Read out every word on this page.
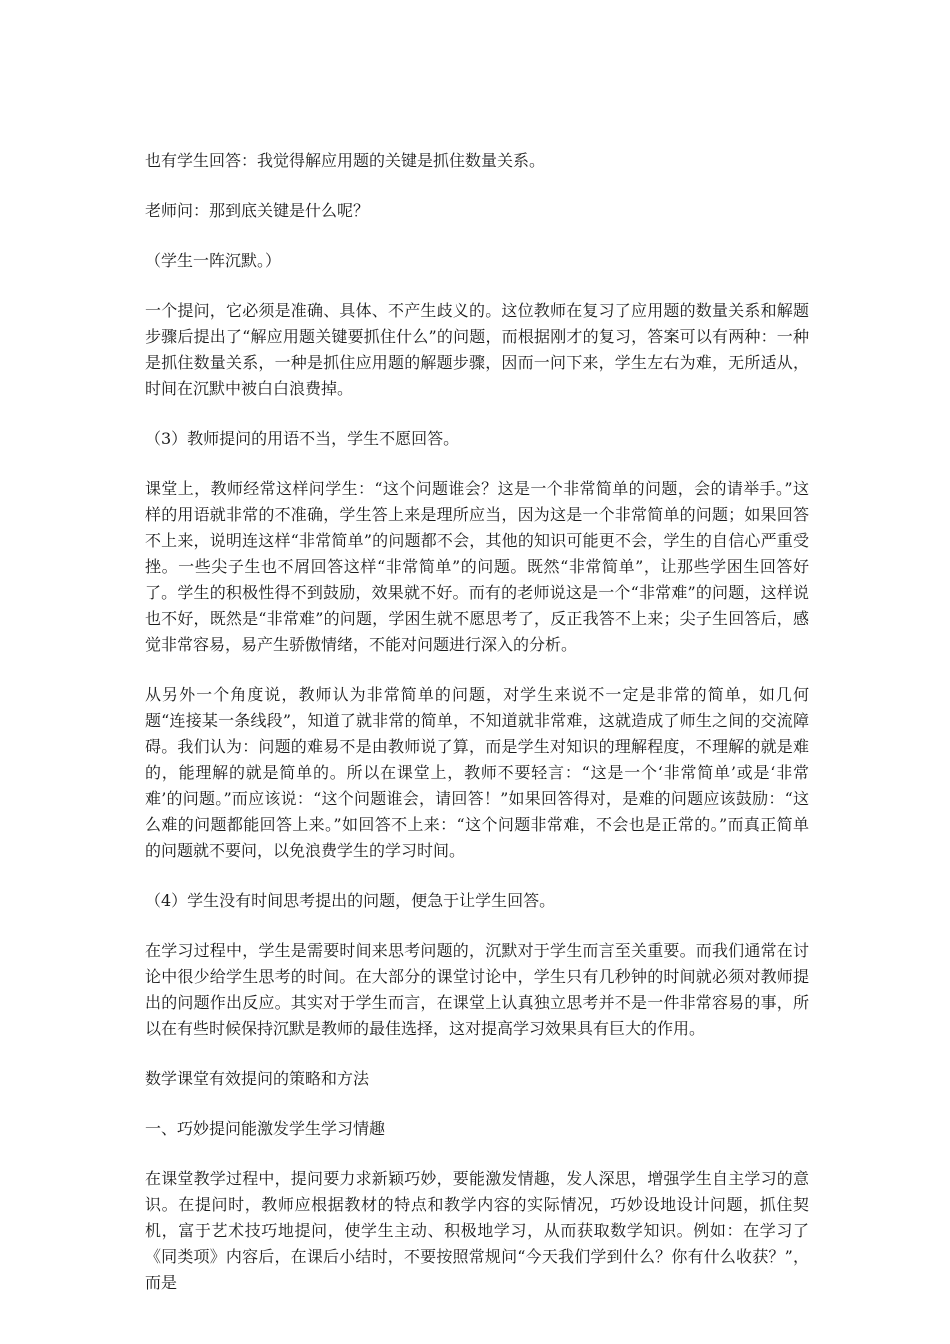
也有学生回答：我觉得解应用题的关键是抓住数量关系。

老师问：那到底关键是什么呢？

（学生一阵沉默。）

一个提问，它必须是准确、具体、不产生歧义的。这位教师在复习了应用题的数量关系和解题步骤后提出了“解应用题关键要抓住什么”的问题，而根据刚才的复习，答案可以有两种：一种是抓住数量关系，一种是抓住应用题的解题步骤，因而一问下来，学生左右为难，无所适从，时间在沉默中被白白浪费掉。

（3）教师提问的用语不当，学生不愿回答。

课堂上，教师经常这样问学生：“这个问题谁会？这是一个非常简单的问题，会的请举手。”这样的用语就非常的不准确，学生答上来是理所应当，因为这是一个非常简单的问题；如果回答不上来，说明连这样“非常简单”的问题都不会，其他的知识可能更不会，学生的自信心严重受挫。一些尖子生也不屑回答这样“非常简单”的问题。既然“非常简单”，让那些学困生回答好了。学生的积极性得不到鼓励，效果就不好。而有的老师说这是一个“非常难”的问题，这样说也不好，既然是“非常难”的问题，学困生就不愿思考了，反正我答不上来；尖子生回答后，感觉非常容易，易产生骄傲情绪，不能对问题进行深入的分析。

从另外一个角度说，教师认为非常简单的问题，对学生来说不一定是非常的简单，如几何题“连接某一条线段”，知道了就非常的简单，不知道就非常难，这就造成了师生之间的交流障碍。我们认为：问题的难易不是由教师说了算，而是学生对知识的理解程度，不理解的就是难的，能理解的就是简单的。所以在课堂上，教师不要轻言：“这是一个‘非常简单’或是‘非常难’的问题。”而应该说：“这个问题谁会，请回答！”如果回答得对，是难的问题应该鼓励：“这么难的问题都能回答上来。”如回答不上来：“这个问题非常难，不会也是正常的。”而真正简单的问题就不要问，以免浪费学生的学习时间。

（4）学生没有时间思考提出的问题，便急于让学生回答。

在学习过程中，学生是需要时间来思考问题的，沉默对于学生而言至关重要。而我们通常在讨论中很少给学生思考的时间。在大部分的课堂讨论中，学生只有几秒钟的时间就必须对教师提出的问题作出反应。其实对于学生而言，在课堂上认真独立思考并不是一件非常容易的事，所以在有些时候保持沉默是教师的最佳选择，这对提高学习效果具有巨大的作用。

数学课堂有效提问的策略和方法

一、巧妙提问能激发学生学习情趣

在课堂教学过程中，提问要力求新颖巧妙，要能激发情趣，发人深思，增强学生自主学习的意识。在提问时，教师应根据教材的特点和教学内容的实际情况，巧妙设地设计问题，抓住契机，富于艺术技巧地提问，使学生主动、积极地学习，从而获取数学知识。例如：在学习了《同类项》内容后，在课后小结时，不要按照常规问“今天我们学到什么？你有什么收获？”，而是
